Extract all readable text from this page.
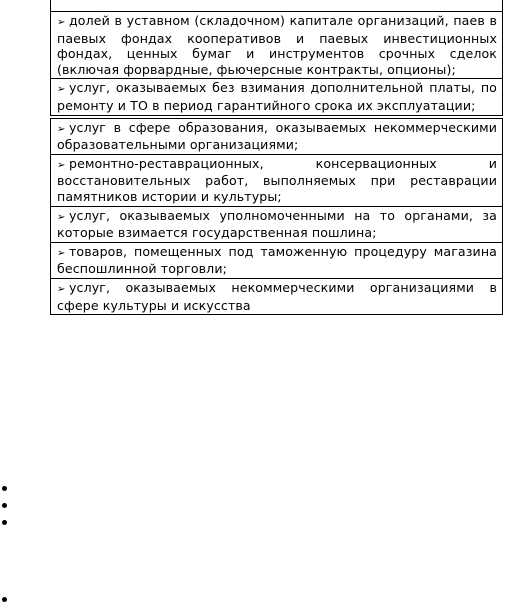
➢ долей в уставном (складочном) капитале организаций, паев в паевых фондах кооперативов и паевых инвестиционных фондах, ценных бумаг и инструментов срочных сделок (включая форвардные, фьючерсные контракты, опционы);
➢ услуг, оказываемых без взимания дополнительной платы, по ремонту и ТО в период гарантийного срока их эксплуатации;
➢ услуг в сфере образования, оказываемых некоммерческими образовательными организациями;
➢ ремонтно-реставрационных, консервационных и восстановительных работ, выполняемых при реставрации памятников истории и культуры;
➢ услуг, оказываемых уполномоченными на то органами, за которые взимается государственная пошлина;
➢ товаров, помещенных под таможенную процедуру магазина беспошлинной торговли;
➢ услуг, оказываемых некоммерческими организациями в сфере культуры и искусства
